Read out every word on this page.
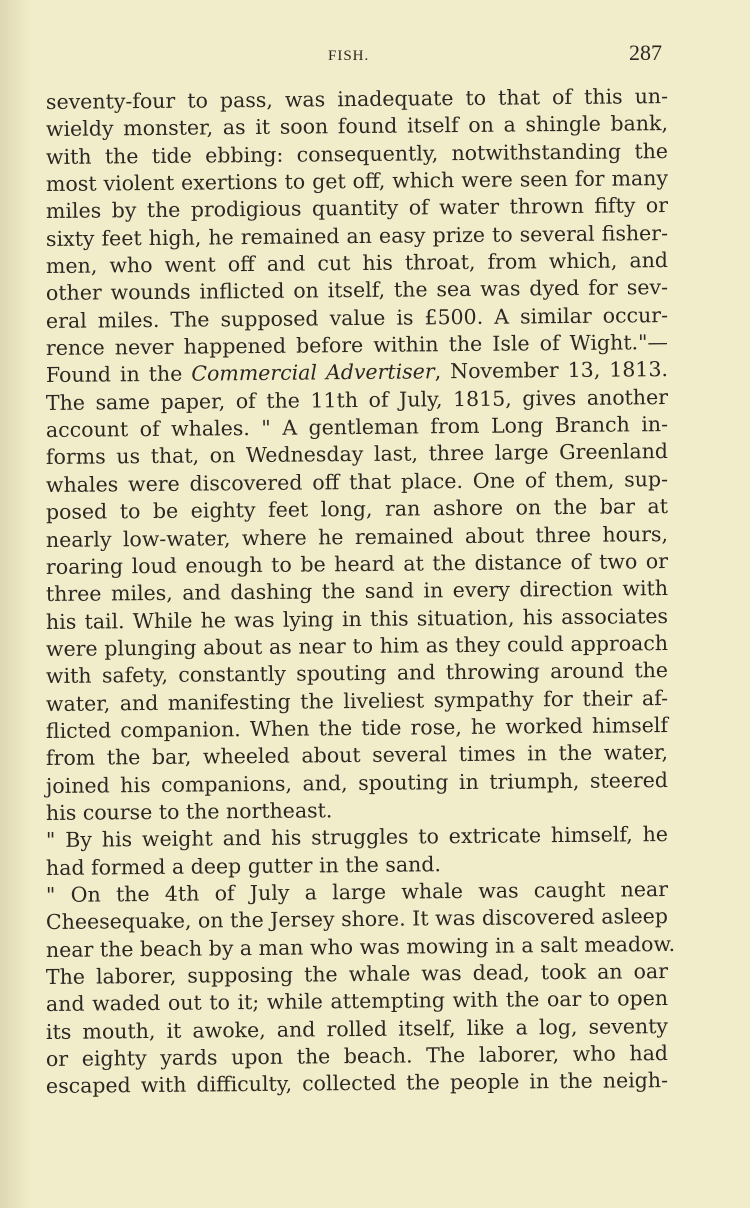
FISH.	287
seventy-four to pass, was inadequate to that of this un-
wieldy monster, as it soon found itself on a shingle bank,
with the tide ebbing: consequently, notwithstanding the
most violent exertions to get off, which were seen for many
miles by the prodigious quantity of water thrown fifty or
sixty feet high, he remained an easy prize to several fisher-
men, who went off and cut his throat, from which, and
other wounds inflicted on itself, the sea was dyed for sev-
eral miles. The supposed value is £500. A similar occur-
rence never happened before within the Isle of Wight."—
Found in the Commercial Advertiser, November 13, 1813.
The same paper, of the 11th of July, 1815, gives another
account of whales. " A gentleman from Long Branch in-
forms us that, on Wednesday last, three large Greenland
whales were discovered off that place. One of them, sup-
posed to be eighty feet long, ran ashore on the bar at
nearly low-water, where he remained about three hours,
roaring loud enough to be heard at the distance of two or
three miles, and dashing the sand in every direction with
his tail. While he was lying in this situation, his associates
were plunging about as near to him as they could approach
with safety, constantly spouting and throwing around the
water, and manifesting the liveliest sympathy for their af-
flicted companion. When the tide rose, he worked himself
from the bar, wheeled about several times in the water,
joined his companions, and, spouting in triumph, steered
his course to the northeast.
" By his weight and his struggles to extricate himself, he
had formed a deep gutter in the sand.
" On the 4th of July a large whale was caught near
Cheesequake, on the Jersey shore. It was discovered asleep
near the beach by a man who was mowing in a salt meadow.
The laborer, supposing the whale was dead, took an oar
and waded out to it; while attempting with the oar to open
its mouth, it awoke, and rolled itself, like a log, seventy
or eighty yards upon the beach. The laborer, who had
escaped with difficulty, collected the people in the neigh-
